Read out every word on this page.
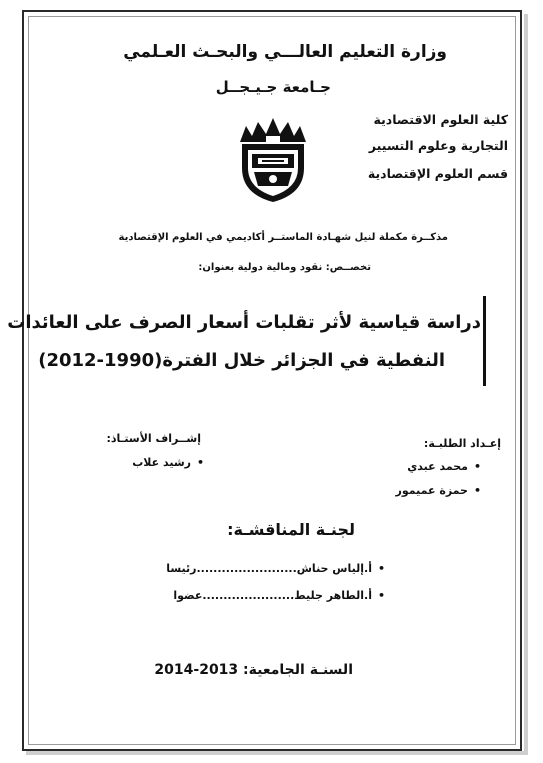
وزارة التعليم العالـــي والبحـث العـلمي
جـامعة جـيـجــل
كلية العلوم الاقتصادية
التجارية وعلوم التسيير
قسم العلوم الإقتصادية
مذكــرة مكملة لنيل شهـادة الماستــر أكاديمي في العلوم الإقتصادية
تخصــص: نقود ومالية دولية بعنوان:
دراسة قياسية لأثر تقلبات أسعار الصرف على العائدات
النفطية في الجزائر خلال الفترة(1990-2012)
إشــراف الأستـاذ:
•رشيد علاب
إعـداد الطلبـة:
•محمد عبدي
•حمزة عميمور
لجنـة المناقشـة:
•أ.إلياس حناش........................رئيسا
•أ.الطاهر جليط......................عضوا
السنـة الجامعية: 2013-2014
